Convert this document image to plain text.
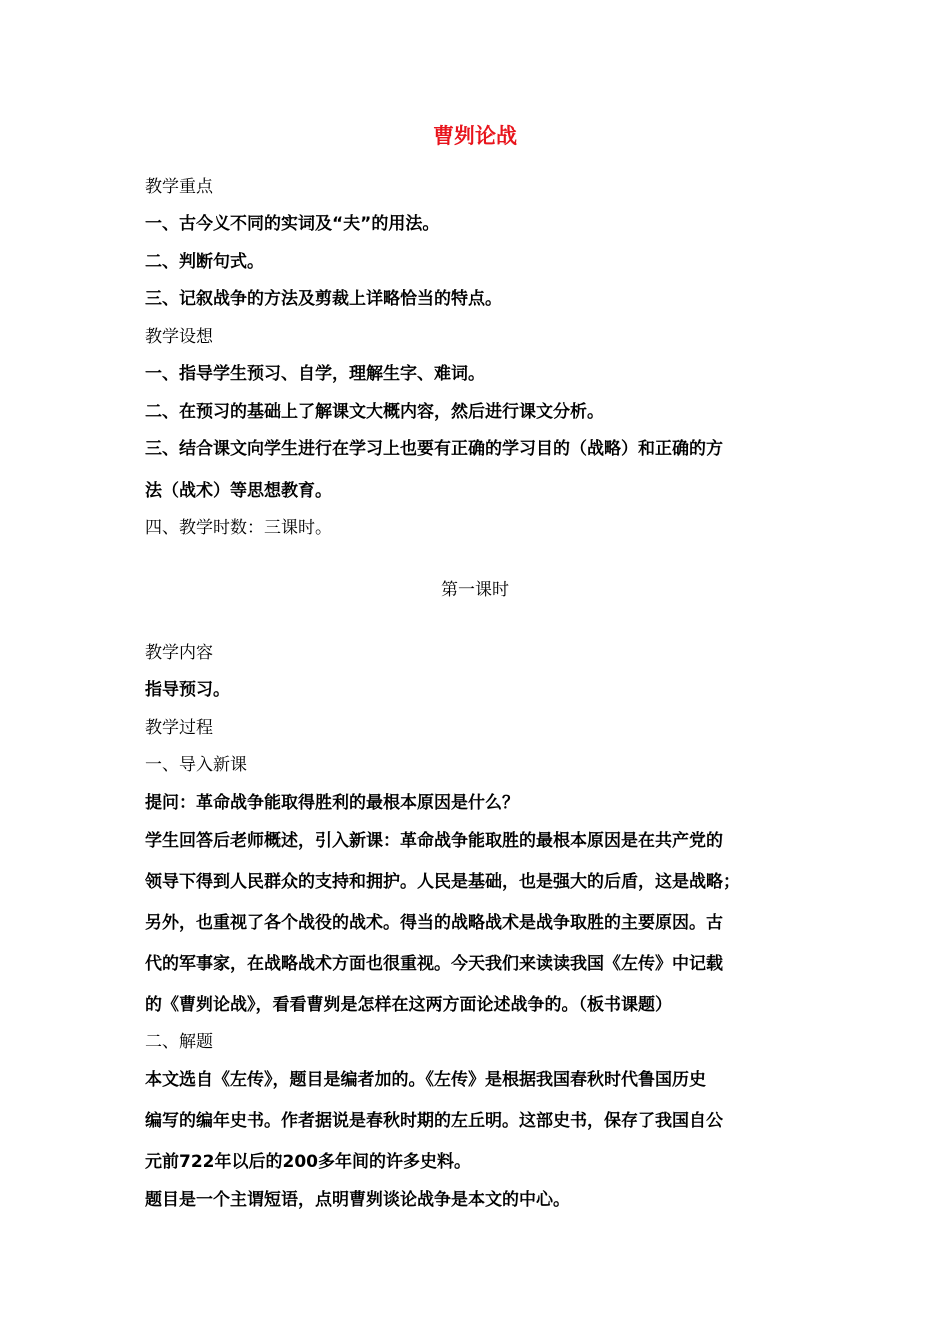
曹刿论战
教学重点
一、古今义不同的实词及“夫”的用法。
二、判断句式。
三、记叙战争的方法及剪裁上详略恰当的特点。
教学设想
一、指导学生预习、自学，理解生字、难词。
二、在预习的基础上了解课文大概内容，然后进行课文分析。
三、结合课文向学生进行在学习上也要有正确的学习目的（战略）和正确的方
法（战术）等思想教育。
四、教学时数：三课时。
第一课时
教学内容
指导预习。
教学过程
一、导入新课
提问：革命战争能取得胜利的最根本原因是什么？
学生回答后老师概述，引入新课：革命战争能取胜的最根本原因是在共产党的
领导下得到人民群众的支持和拥护。人民是基础，也是强大的后盾，这是战略；
另外，也重视了各个战役的战术。得当的战略战术是战争取胜的主要原因。古
代的军事家，在战略战术方面也很重视。今天我们来读读我国《左传》中记载
的《曹刿论战》，看看曹刿是怎样在这两方面论述战争的。（板书课题）
二、解题
本文选自《左传》，题目是编者加的。《左传》是根据我国春秋时代鲁国历史
编写的编年史书。作者据说是春秋时期的左丘明。这部史书，保存了我国自公
元前722年以后的200多年间的许多史料。
题目是一个主谓短语，点明曹刿谈论战争是本文的中心。
